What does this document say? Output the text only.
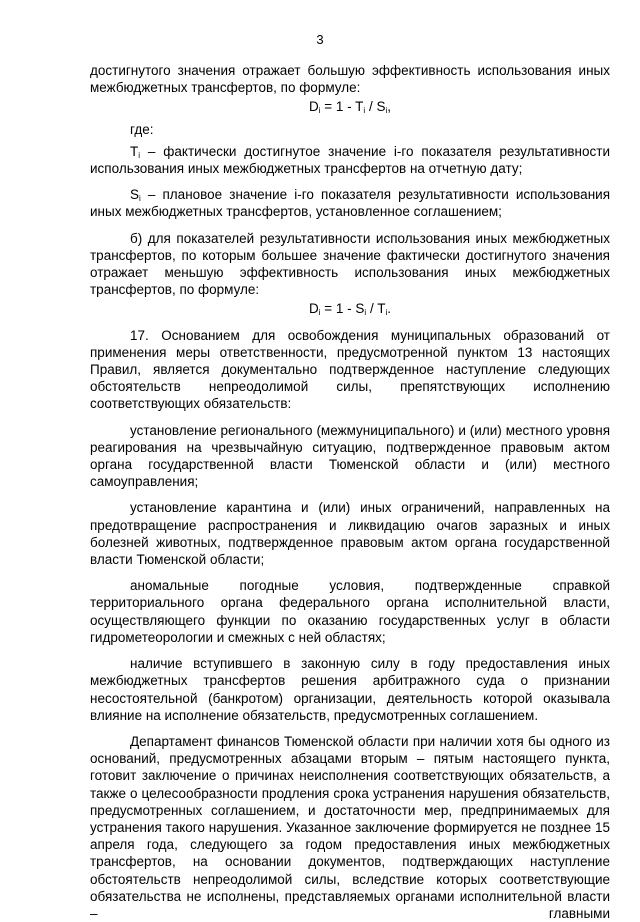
3

достигнутого значения отражает большую эффективность использования иных межбюджетных трансфертов, по формуле:

$D_i = 1 - T_i / S_i$,

где:

$T_i$ – фактически достигнутое значение i-го показателя результативности использования иных межбюджетных трансфертов на отчетную дату;

$S_i$ – плановое значение i-го показателя результативности использования иных межбюджетных трансфертов, установленное соглашением;

б) для показателей результативности использования иных межбюджетных трансфертов, по которым большее значение фактически достигнутого значения отражает меньшую эффективность использования иных межбюджетных трансфертов, по формуле:

$D_i = 1 - S_i / T_i$.

17. Основанием для освобождения муниципальных образований от применения меры ответственности, предусмотренной пунктом 13 настоящих Правил, является документально подтвержденное наступление следующих обстоятельств непреодолимой силы, препятствующих исполнению соответствующих обязательств:

установление регионального (межмуниципального) и (или) местного уровня реагирования на чрезвычайную ситуацию, подтвержденное правовым актом органа государственной власти Тюменской области и (или) местного самоуправления;

установление карантина и (или) иных ограничений, направленных на предотвращение распространения и ликвидацию очагов заразных и иных болезней животных, подтвержденное правовым актом органа государственной власти Тюменской области;

аномальные погодные условия, подтвержденные справкой территориального органа федерального органа исполнительной власти, осуществляющего функции по оказанию государственных услуг в области гидрометеорологии и смежных с ней областях;

наличие вступившего в законную силу в году предоставления иных межбюджетных трансфертов решения арбитражного суда о признании несостоятельной (банкротом) организации, деятельность которой оказывала влияние на исполнение обязательств, предусмотренных соглашением.

Департамент финансов Тюменской области при наличии хотя бы одного из оснований, предусмотренных абзацами вторым – пятым настоящего пункта, готовит заключение о причинах неисполнения соответствующих обязательств, а также о целесообразности продления срока устранения нарушения обязательств, предусмотренных соглашением, и достаточности мер, предпринимаемых для устранения такого нарушения. Указанное заключение формируется не позднее 15 апреля года, следующего за годом предоставления иных межбюджетных трансфертов, на основании документов, подтверждающих наступление обстоятельств непреодолимой силы, вследствие которых соответствующие обязательства не исполнены, представляемых органами исполнительной власти – главными
